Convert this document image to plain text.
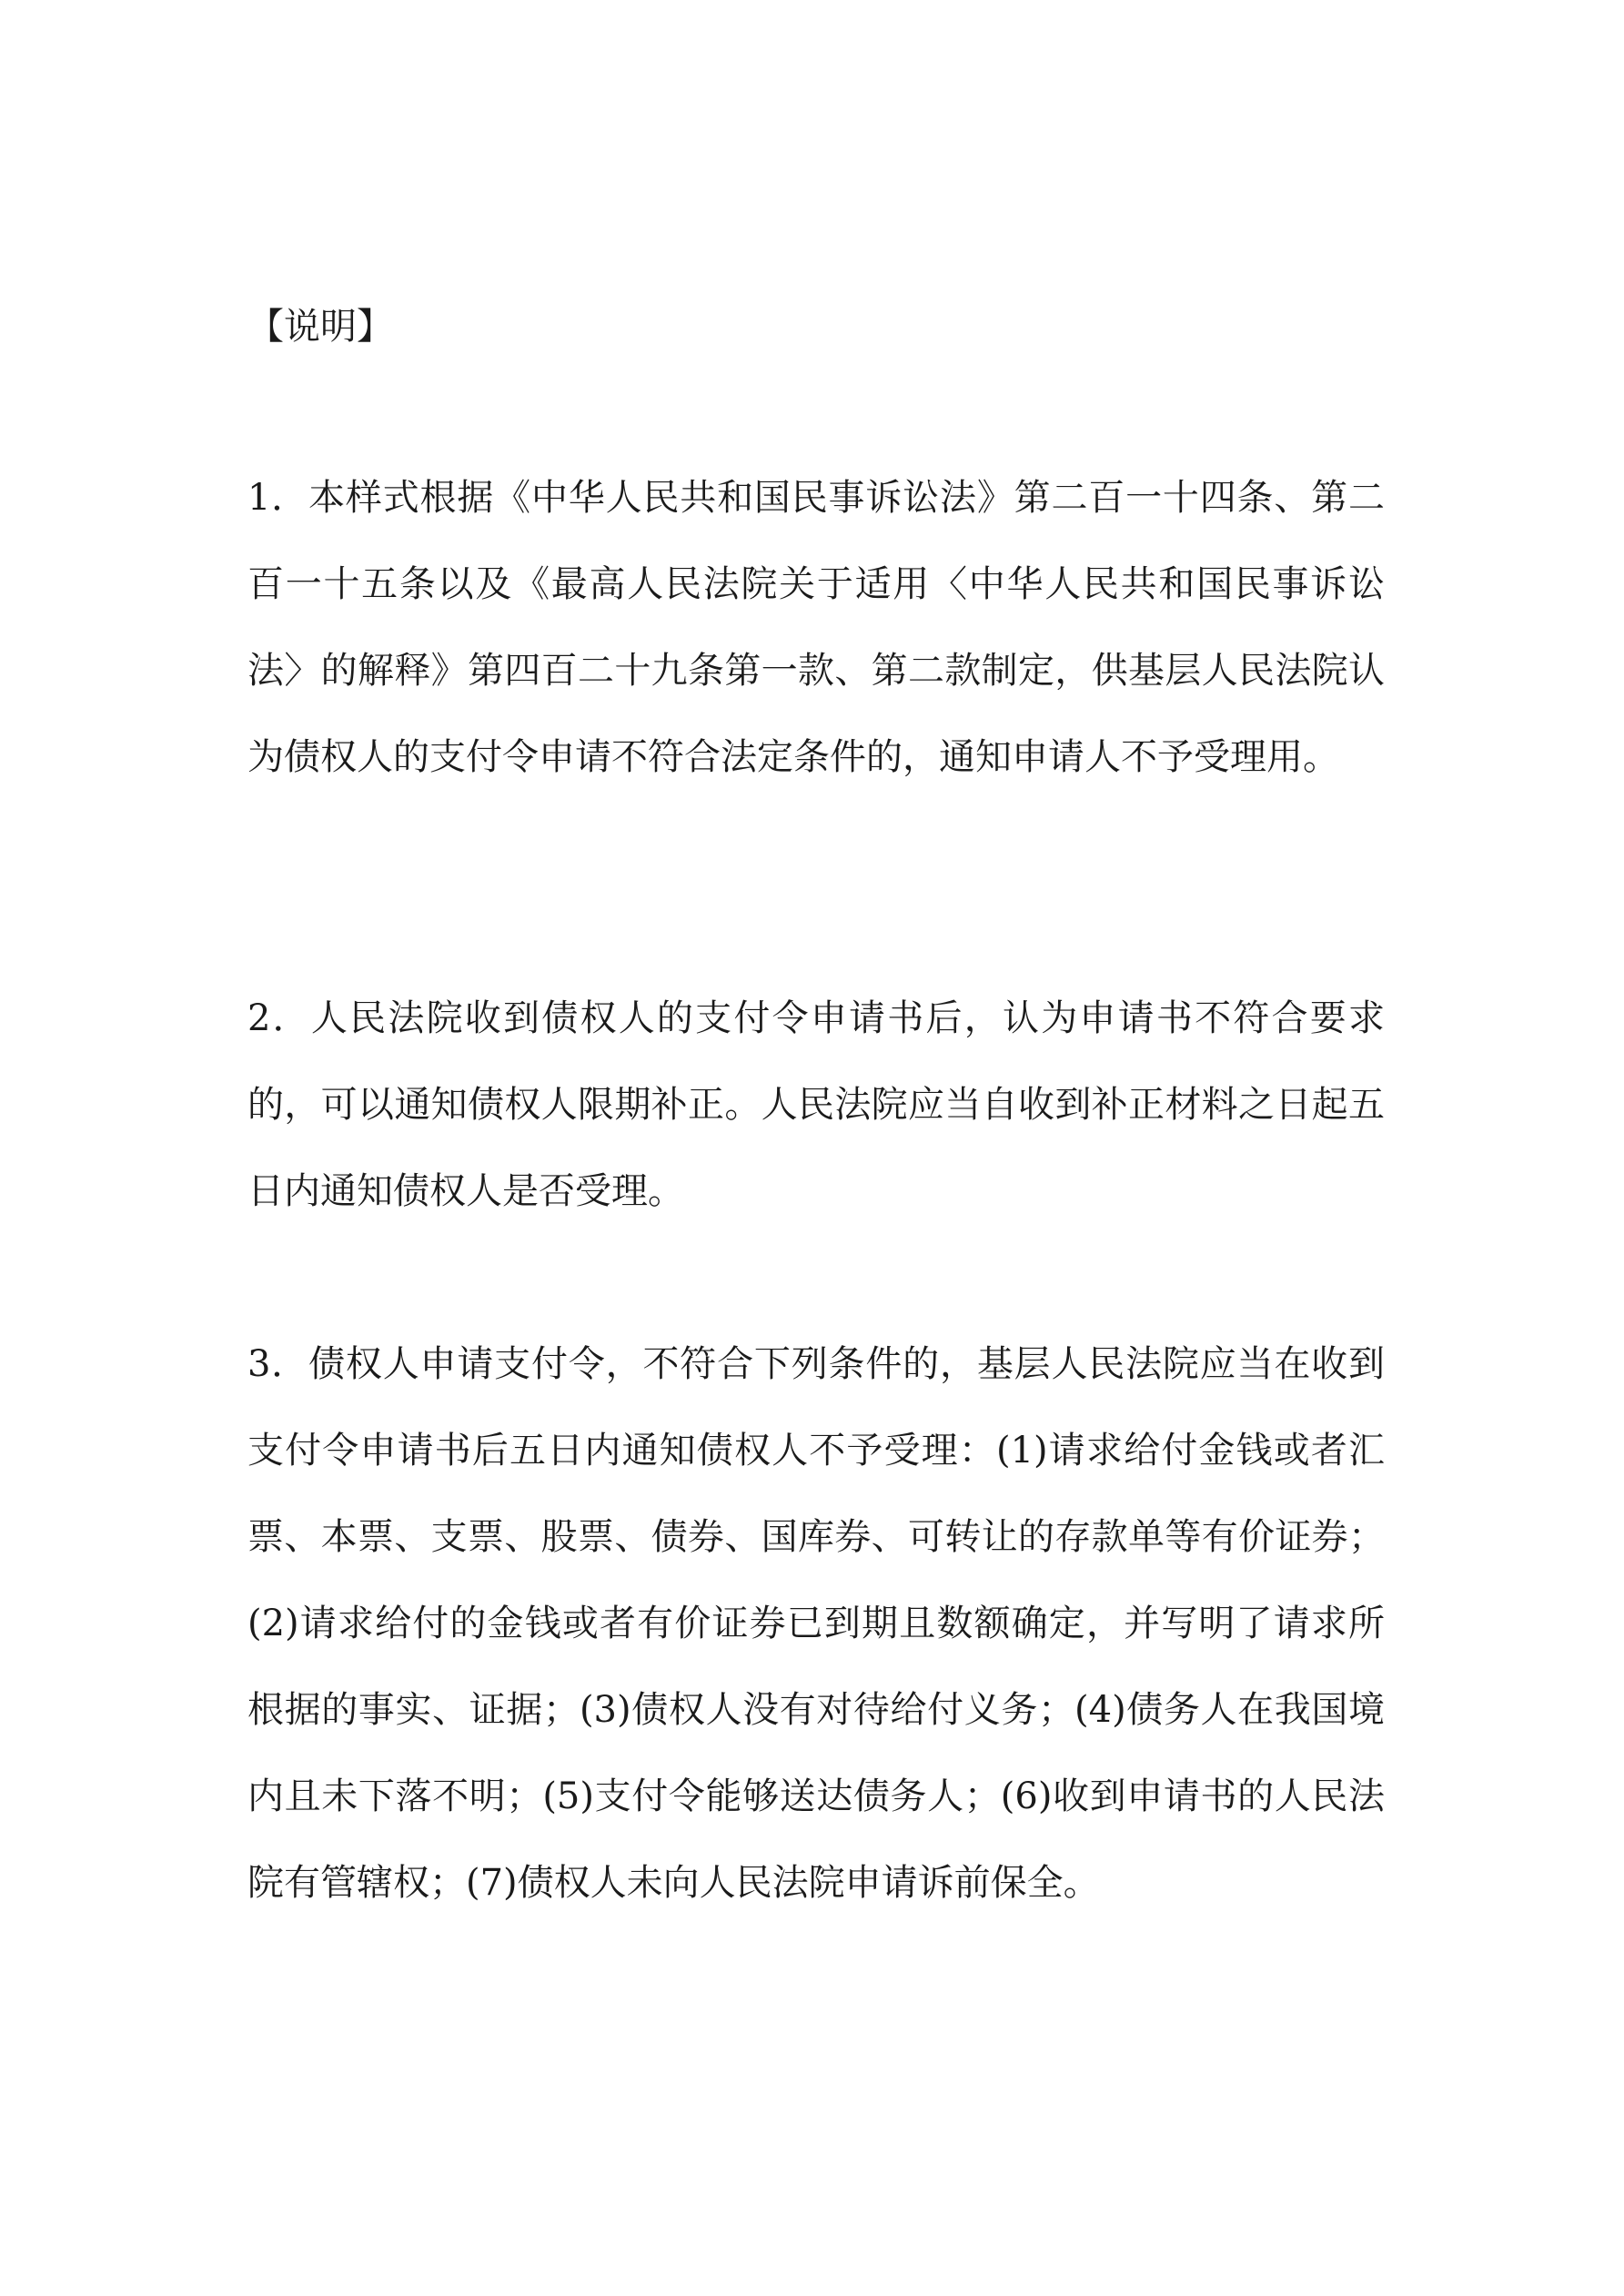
【说明】

1．本样式根据《中华人民共和国民事诉讼法》第二百一十四条、第二百一十五条以及《最高人民法院关于适用〈中华人民共和国民事诉讼法〉的解释》第四百二十九条第一款、第二款制定，供基层人民法院认为债权人的支付令申请不符合法定条件的，通知申请人不予受理用。

2．人民法院收到债权人的支付令申请书后，认为申请书不符合要求的，可以通知债权人限期补正。人民法院应当自收到补正材料之日起五日内通知债权人是否受理。

3．债权人申请支付令，不符合下列条件的，基层人民法院应当在收到支付令申请书后五日内通知债权人不予受理：(1)请求给付金钱或者汇票、本票、支票、股票、债券、国库券、可转让的存款单等有价证券；(2)请求给付的金钱或者有价证券已到期且数额确定，并写明了请求所根据的事实、证据；(3)债权人没有对待给付义务；(4)债务人在我国境内且未下落不明；(5)支付令能够送达债务人；(6)收到申请书的人民法院有管辖权；(7)债权人未向人民法院申请诉前保全。
